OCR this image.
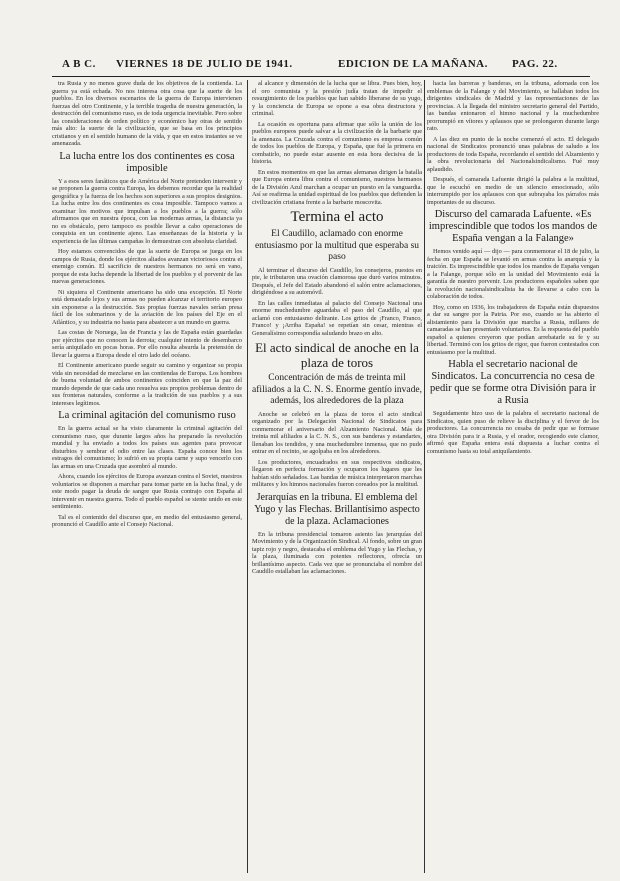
A B C. VIERNES 18 DE JULIO DE 1941.	EDICION DE LA MAÑANA. PAG. 22.

tra Rusia y no menos grave duda de los objetivos de la contienda. La guerra ya está echada. No nos interesa otra cosa que la suerte de los pueblos. En los diversos escenarios de la guerra de Europa intervienen fuerzas del otro Continente, y la terrible tragedia de nuestra generación, la destrucción del comunismo ruso, es de toda urgencia inevitable. Pero sobre las consideraciones de orden político y económico hay otras de sentido más alto: la suerte de la civilización, que se basa en los principios cristianos y en el sentido humano de la vida, y que en estos instantes se ve amenazada.

La lucha entre los dos continentes es cosa imposible

Y a esos seres fanáticos que de América del Norte pretenden intervenir y se proponen la guerra contra Europa, les debemos recordar que la realidad geográfica y la fuerza de los hechos son superiores a sus propios designios. La lucha entre los dos continentes es cosa imposible. Tampoco vamos a examinar los motivos que impulsan a los pueblos a la guerra; sólo afirmamos que en nuestra época, con las modernas armas, la distancia ya no es obstáculo, pero tampoco es posible llevar a cabo operaciones de conquista en un continente ajeno. Las enseñanzas de la historia y la experiencia de las últimas campañas lo demuestran con absoluta claridad.

Hoy estamos convencidos de que la suerte de Europa se juega en los campos de Rusia, donde los ejércitos aliados avanzan victoriosos contra el enemigo común. El sacrificio de nuestros hermanos no será en vano, porque de esta lucha depende la libertad de los pueblos y el porvenir de las nuevas generaciones.

Ni siquiera el Continente americano ha sido una excepción. El Norte está demasiado lejos y sus armas no pueden alcanzar el territorio europeo sin exponerse a la destrucción. Sus propias fuerzas navales serían presa fácil de los submarinos y de la aviación de los países del Eje en el Atlántico, y su industria no basta para abastecer a un mundo en guerra.

Las costas de Noruega, las de Francia y las de España están guardadas por ejércitos que no conocen la derrota; cualquier intento de desembarco sería aniquilado en pocas horas. Por ello resulta absurda la pretensión de llevar la guerra a Europa desde el otro lado del océano.

El Continente americano puede seguir su camino y organizar su propia vida sin necesidad de mezclarse en las contiendas de Europa. Los hombres de buena voluntad de ambos continentes coinciden en que la paz del mundo depende de que cada uno resuelva sus propios problemas dentro de sus fronteras naturales, conforme a la tradición de sus pueblos y a sus intereses legítimos.

La criminal agitación del comunismo ruso

En la guerra actual se ha visto claramente la criminal agitación del comunismo ruso, que durante largos años ha preparado la revolución mundial y ha enviado a todos los países sus agentes para provocar disturbios y sembrar el odio entre las clases. España conoce bien los estragos del comunismo; lo sufrió en su propia carne y supo vencerlo con las armas en una Cruzada que asombró al mundo.

Ahora, cuando los ejércitos de Europa avanzan contra el Soviet, nuestros voluntarios se disponen a marchar para tomar parte en la lucha final, y de este modo pagar la deuda de sangre que Rusia contrajo con España al intervenir en nuestra guerra. Todo el pueblo español se siente unido en este sentimiento.

Tal es el contenido del discurso que, en medio del entusiasmo general, pronunció el Caudillo ante el Consejo Nacional.

al alcance y dimensión de la lucha que se libra. Pues bien, hoy, el oro comunista y la presión judía tratan de impedir el resurgimiento de los pueblos que han sabido liberarse de su yugo, y la conciencia de Europa se opone a esa obra destructora y criminal.

La ocasión es oportuna para afirmar que sólo la unión de los pueblos europeos puede salvar a la civilización de la barbarie que la amenaza. La Cruzada contra el comunismo es empresa común de todos los pueblos de Europa, y España, que fué la primera en combatirlo, no puede estar ausente en esta hora decisiva de la historia.

En estos momentos en que las armas alemanas dirigen la batalla que Europa entera libra contra el comunismo, nuestros hermanos de la División Azul marchan a ocupar un puesto en la vanguardia. Así se reafirma la unidad espiritual de los pueblos que defienden la civilización cristiana frente a la barbarie moscovita.

Termina el acto
El Caudillo, aclamado con enorme entusiasmo por la multitud que esperaba su paso

Al terminar el discurso del Caudillo, los consejeros, puestos en pie, le tributaron una ovación clamorosa que duró varios minutos. Después, el Jefe del Estado abandonó el salón entre aclamaciones, dirigiéndose a su automóvil.

En las calles inmediatas al palacio del Consejo Nacional una enorme muchedumbre aguardaba el paso del Caudillo, al que aclamó con entusiasmo delirante. Los gritos de ¡Franco, Franco, Franco! y ¡Arriba España! se repetían sin cesar, mientras el Generalísimo correspondía saludando brazo en alto.

El acto sindical de anoche en la plaza de toros
Concentración de más de treinta mil afiliados a la C. N. S. Enorme gentío invade, además, los alrededores de la plaza

Anoche se celebró en la plaza de toros el acto sindical organizado por la Delegación Nacional de Sindicatos para conmemorar el aniversario del Alzamiento Nacional. Más de treinta mil afiliados a la C. N. S., con sus banderas y estandartes, llenaban los tendidos, y una muchedumbre inmensa, que no pudo entrar en el recinto, se agolpaba en los alrededores.

Los productores, encuadrados en sus respectivos sindicatos, llegaron en perfecta formación y ocuparon los lugares que les habían sido señalados. Las bandas de música interpretaron marchas militares y los himnos nacionales fueron coreados por la multitud.

Jerarquías en la tribuna. El emblema del Yugo y las Flechas. Brillantísimo aspecto de la plaza. Aclamaciones

En la tribuna presidencial tomaron asiento las jerarquías del Movimiento y de la Organización Sindical. Al fondo, sobre un gran tapiz rojo y negro, destacaba el emblema del Yugo y las Flechas, y la plaza, iluminada con potentes reflectores, ofrecía un brillantísimo aspecto. Cada vez que se pronunciaba el nombre del Caudillo estallaban las aclamaciones.

hacia las barreras y banderas, en la tribuna, adornada con los emblemas de la Falange y del Movimiento, se hallaban todos los dirigentes sindicales de Madrid y las representaciones de las provincias. A la llegada del ministro secretario general del Partido, las bandas entonaron el himno nacional y la muchedumbre prorrumpió en vítores y aplausos que se prolongaron durante largo rato.

A las diez en punto de la noche comenzó el acto. El delegado nacional de Sindicatos pronunció unas palabras de saludo a los productores de toda España, recordando el sentido del Alzamiento y la obra revolucionaria del Nacionalsindicalismo. Fué muy aplaudido.

Después, el camarada Lafuente dirigió la palabra a la multitud, que le escuchó en medio de un silencio emocionado, sólo interrumpido por los aplausos con que subrayaba los párrafos más importantes de su discurso.

Discurso del camarada Lafuente. «Es imprescindible que todos los mandos de España vengan a la Falange»

Hemos venido aquí — dijo — para conmemorar el 18 de julio, la fecha en que España se levantó en armas contra la anarquía y la traición. Es imprescindible que todos los mandos de España vengan a la Falange, porque sólo en la unidad del Movimiento está la garantía de nuestro porvenir. Los productores españoles saben que la revolución nacionalsindicalista ha de llevarse a cabo con la colaboración de todos.

Hoy, como en 1936, los trabajadores de España están dispuestos a dar su sangre por la Patria. Por eso, cuando se ha abierto el alistamiento para la División que marcha a Rusia, millares de camaradas se han presentado voluntarios. Es la respuesta del pueblo español a quienes creyeron que podían arrebatarle su fe y su libertad. Terminó con los gritos de rigor, que fueron contestados con entusiasmo por la multitud.

Habla el secretario nacional de Sindicatos. La concurrencia no cesa de pedir que se forme otra División para ir a Rusia

Seguidamente hizo uso de la palabra el secretario nacional de Sindicatos, quien puso de relieve la disciplina y el fervor de los productores. La concurrencia no cesaba de pedir que se formase otra División para ir a Rusia, y el orador, recogiendo este clamor, afirmó que España entera está dispuesta a luchar contra el comunismo hasta su total aniquilamiento.
